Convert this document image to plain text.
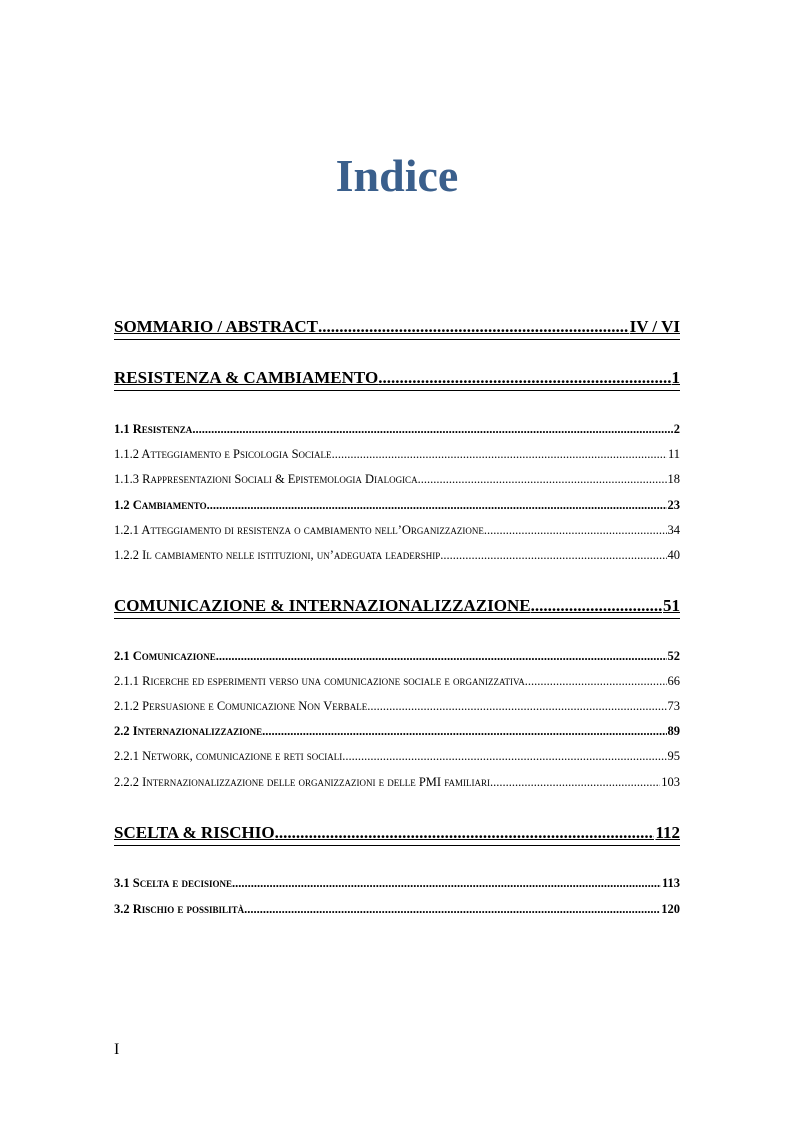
Indice
SOMMARIO / ABSTRACT .....	IV / VI
RESISTENZA & CAMBIAMENTO .....	1
1.1 Resistenza .....	2
1.1.2 Atteggiamento e Psicologia Sociale .....	11
1.1.3 Rappresentazioni Sociali & Epistemologia Dialogica .....	18
1.2 Cambiamento .....	23
1.2.1 Atteggiamento di resistenza o cambiamento nell’Organizzazione .....	34
1.2.2 Il cambiamento nelle istituzioni, un’adeguata leadership .....	40
COMUNICAZIONE & INTERNAZIONALIZZAZIONE .....	51
2.1 Comunicazione .....	52
2.1.1 Ricerche ed esperimenti verso una comunicazione sociale e organizzativa .....	66
2.1.2 Persuasione e Comunicazione Non Verbale .....	73
2.2 Internazionalizzazione .....	89
2.2.1 Network, comunicazione e reti sociali .....	95
2.2.2 Internazionalizzazione delle organizzazioni e delle PMI familiari .....	103
SCELTA & RISCHIO .....	112
3.1 Scelta e decisione .....	113
3.2 Rischio e possibilità .....	120
I
